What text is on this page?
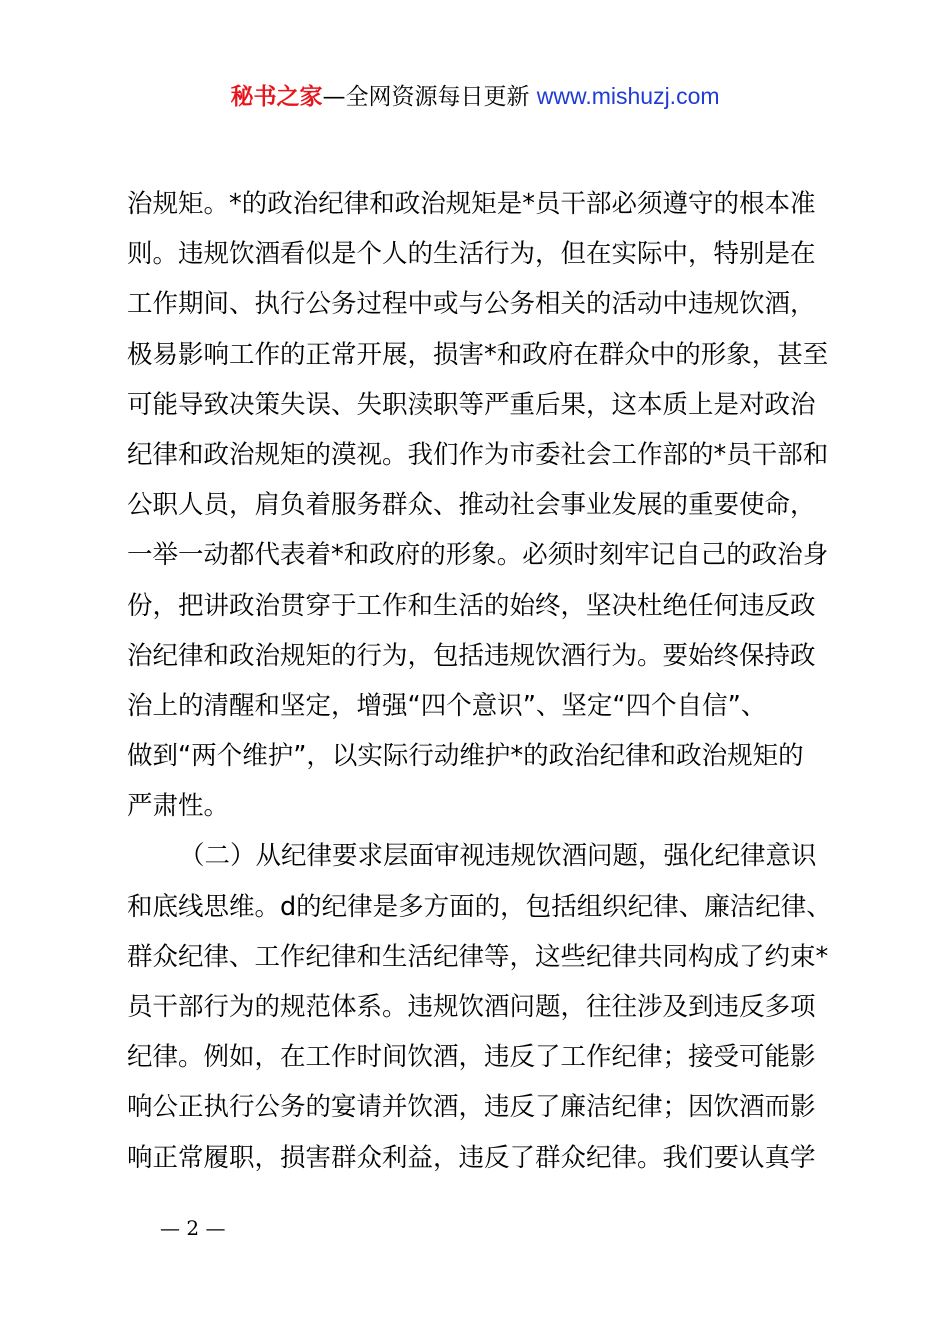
秘书之家—全网资源每日更新 www.mishuzj.com
治规矩。*的政治纪律和政治规矩是*员干部必须遵守的根本准
则。违规饮酒看似是个人的生活行为，但在实际中，特别是在
工作期间、执行公务过程中或与公务相关的活动中违规饮酒，
极易影响工作的正常开展，损害*和政府在群众中的形象，甚至
可能导致决策失误、失职渎职等严重后果，这本质上是对政治
纪律和政治规矩的漠视。我们作为市委社会工作部的*员干部和
公职人员，肩负着服务群众、推动社会事业发展的重要使命，
一举一动都代表着*和政府的形象。必须时刻牢记自己的政治身
份，把讲政治贯穿于工作和生活的始终，坚决杜绝任何违反政
治纪律和政治规矩的行为，包括违规饮酒行为。要始终保持政
治上的清醒和坚定，增强“四个意识”、坚定“四个自信”、
做到“两个维护”，以实际行动维护*的政治纪律和政治规矩的
严肃性。
（二）从纪律要求层面审视违规饮酒问题，强化纪律意识
和底线思维。d的纪律是多方面的，包括组织纪律、廉洁纪律、
群众纪律、工作纪律和生活纪律等，这些纪律共同构成了约束*
员干部行为的规范体系。违规饮酒问题，往往涉及到违反多项
纪律。例如，在工作时间饮酒，违反了工作纪律；接受可能影
响公正执行公务的宴请并饮酒，违反了廉洁纪律；因饮酒而影
响正常履职，损害群众利益，违反了群众纪律。我们要认真学
— 2 —
